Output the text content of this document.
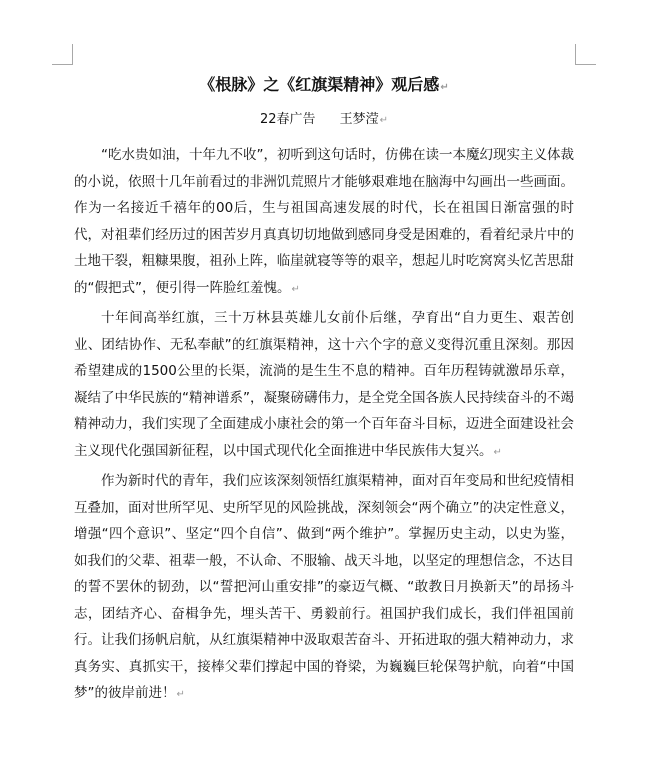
《根脉》之《红旗渠精神》观后感↵
22春广告 王梦滢↵

“吃水贵如油，十年九不收”，初听到这句话时，仿佛在读一本魔幻现实主义体裁的小说，依照十几年前看过的非洲饥荒照片才能够艰难地在脑海中勾画出一些画面。作为一名接近千禧年的00后，生与祖国高速发展的时代，长在祖国日渐富强的时代，对祖辈们经历过的困苦岁月真真切切地做到感同身受是困难的，看着纪录片中的土地干裂，粗糠果腹，祖孙上阵，临崖就寝等等的艰辛，想起儿时吃窝窝头忆苦思甜的“假把式”，便引得一阵脸红羞愧。↵

十年间高举红旗，三十万林县英雄儿女前仆后继，孕育出“自力更生、艰苦创业、团结协作、无私奉献”的红旗渠精神，这十六个字的意义变得沉重且深刻。那因希望建成的1500公里的长渠，流淌的是生生不息的精神。百年历程铸就激昂乐章，凝结了中华民族的“精神谱系”，凝聚磅礴伟力，是全党全国各族人民持续奋斗的不竭精神动力，我们实现了全面建成小康社会的第一个百年奋斗目标，迈进全面建设社会主义现代化强国新征程，以中国式现代化全面推进中华民族伟大复兴。↵

作为新时代的青年，我们应该深刻领悟红旗渠精神，面对百年变局和世纪疫情相互叠加，面对世所罕见、史所罕见的风险挑战，深刻领会“两个确立”的决定性意义，增强“四个意识”、坚定“四个自信”、做到“两个维护”。掌握历史主动，以史为鉴，如我们的父辈、祖辈一般，不认命、不服输、战天斗地，以坚定的理想信念，不达目的誓不罢休的韧劲，以“誓把河山重安排”的豪迈气概、“敢教日月换新天”的昂扬斗志，团结齐心、奋楫争先，埋头苦干、勇毅前行。祖国护我们成长，我们伴祖国前行。让我们扬帆启航，从红旗渠精神中汲取艰苦奋斗、开拓进取的强大精神动力，求真务实、真抓实干，接棒父辈们撑起中国的脊梁，为巍巍巨轮保驾护航，向着“中国梦”的彼岸前进！↵
